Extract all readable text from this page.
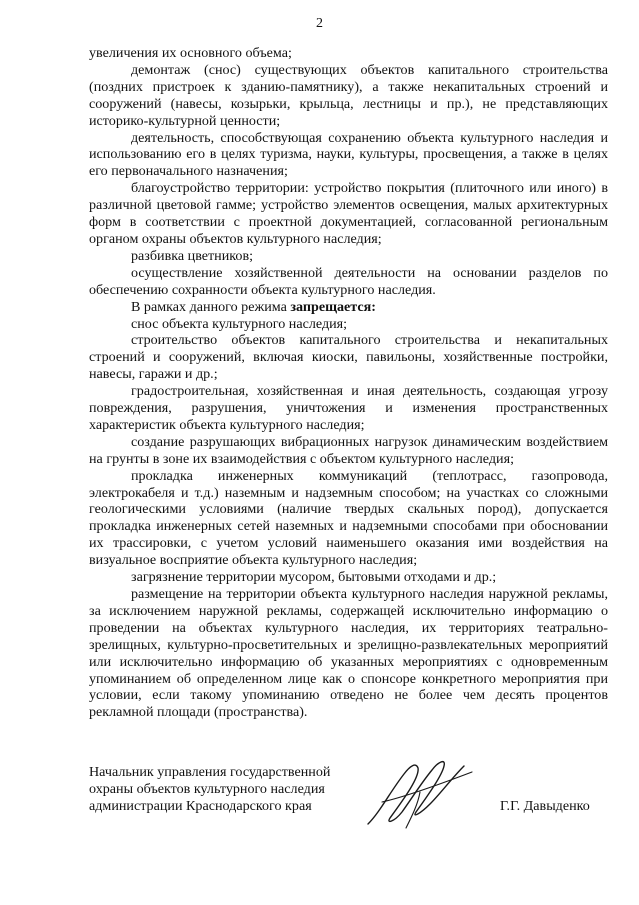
2

увеличения их основного объема;

демонтаж (снос) существующих объектов капитального строительства (поздних пристроек к зданию-памятнику), а также некапитальных строений и сооружений (навесы, козырьки, крыльца, лестницы и пр.), не представляющих историко-культурной ценности;

деятельность, способствующая сохранению объекта культурного наследия и использованию его в целях туризма, науки, культуры, просвещения, а также в целях его первоначального назначения;

благоустройство территории: устройство покрытия (плиточного или иного) в различной цветовой гамме; устройство элементов освещения, малых архитектурных форм в соответствии с проектной документацией, согласованной региональным органом охраны объектов культурного наследия;

разбивка цветников;

осуществление хозяйственной деятельности на основании разделов по обеспечению сохранности объекта культурного наследия.

В рамках данного режима запрещается:

снос объекта культурного наследия;

строительство объектов капитального строительства и некапитальных строений и сооружений, включая киоски, павильоны, хозяйственные постройки, навесы, гаражи и др.;

градостроительная, хозяйственная и иная деятельность, создающая угрозу повреждения, разрушения, уничтожения и изменения пространственных характеристик объекта культурного наследия;

создание разрушающих вибрационных нагрузок динамическим воздействием на грунты в зоне их взаимодействия с объектом культурного наследия;

прокладка инженерных коммуникаций (теплотрасс, газопровода, электрокабеля и т.д.) наземным и надземным способом; на участках со сложными геологическими условиями (наличие твердых скальных пород), допускается прокладка инженерных сетей наземных и надземными способами при обосновании их трассировки, с учетом условий наименьшего оказания ими воздействия на визуальное восприятие объекта культурного наследия;

загрязнение территории мусором, бытовыми отходами и др.;

размещение на территории объекта культурного наследия наружной рекламы, за исключением наружной рекламы, содержащей исключительно информацию о проведении на объектах культурного наследия, их территориях театрально-зрелищных, культурно-просветительных и зрелищно-развлекательных мероприятий или исключительно информацию об указанных мероприятиях с одновременным упоминанием об определенном лице как о спонсоре конкретного мероприятия при условии, если такому упоминанию отведено не более чем десять процентов рекламной площади (пространства).

Начальник управления государственной
охраны объектов культурного наследия
администрации Краснодарского края	Г.Г. Давыденко
